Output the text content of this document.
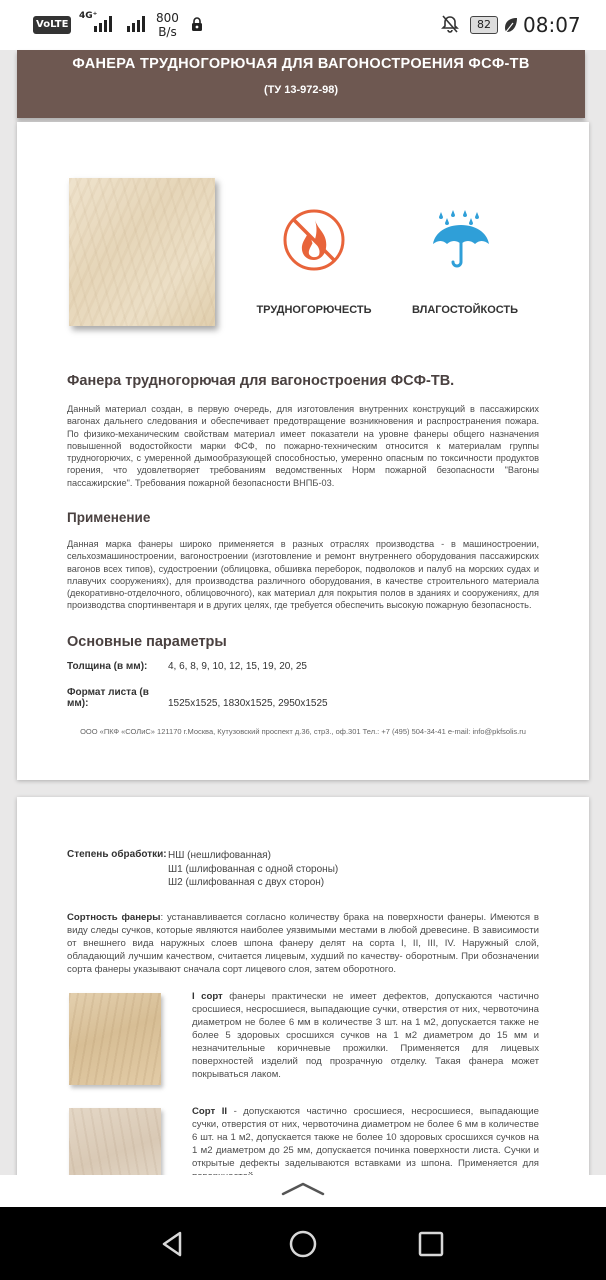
VoLTE
4G⁺	800
B/s
82	08:07
ФАНЕРА ТРУДНОГОРЮЧАЯ ДЛЯ ВАГОНОСТРОЕНИЯ ФСФ-ТВ
(ТУ 13-972-98)
ТРУДНОГОРЮЧЕСТЬ	ВЛАГОСТОЙКОСТЬ
Фанера трудногорючая для вагоностроения ФСФ-ТВ.

Данный материал создан, в первую очередь, для изготовления внутренних конструкций в пассажирских вагонах дальнего следования и обеспечивает предотвращение возникновения и распространения пожара. По физико-механическим свойствам материал имеет показатели на уровне фанеры общего назначения повышенной водостойкости марки ФСФ, по пожарно-техническим относится к материалам группы трудногорючих, с умеренной дымообразующей способностью, умеренно опасным по токсичности продуктов горения, что удовлетворяет требованиям ведомственных Норм пожарной безопасности "Вагоны пассажирские". Требования пожарной безопасности ВНПБ-03.

Применение

Данная марка фанеры широко применяется в разных отраслях производства - в машиностроении, сельхозмашиностроении, вагоностроении (изготовление и ремонт внутреннего оборудования пассажирских вагонов всех типов), судостроении (облицовка, обшивка переборок, подволоков и палуб на морских судах и плавучих сооружениях), для производства различного оборудования, в качестве строительного материала (декоративно-отделочного, облицовочного), как материал для покрытия полов в зданиях и сооружениях, для производства спортинвентаря и в других целях, где требуется обеспечить высокую пожарную безопасность.

Основные параметры
Толщина (в мм): 4, 6, 8, 9, 10, 12, 15, 19, 20, 25
Формат листа (в мм):	1525x1525, 1830x1525, 2950x1525
ООО «ПКФ «СОЛиС» 121170 г.Москва, Кутузовский проспект д.36, стр3., оф.301 Тел.: +7 (495) 504-34-41 e-mail: info@pkfsolis.ru
Степень обработки: НШ (нешлифованная)
Ш1 (шлифованная с одной стороны)
Ш2 (шлифованная с двух сторон)

Сортность фанеры: устанавливается согласно количеству брака на поверхности фанеры. Имеются в виду следы сучков, которые являются наиболее уязвимыми местами в любой древесине. В зависимости от внешнего вида наружных слоев шпона фанеру делят на сорта I, II, III, IV. Наружный слой, обладающий лучшим качеством, считается лицевым, худший по качеству- оборотным. При обозначении сорта фанеры указывают сначала сорт лицевого слоя, затем оборотного.

I сорт фанеры практически не имеет дефектов, допускаются частично сросшиеся, несросшиеся, выпадающие сучки, отверстия от них, червоточина диаметром не более 6 мм в количестве 3 шт. на 1 м2, допускается также не более 5 здоровых сросшихся сучков на 1 м2 диаметром до 15 мм и незначительные коричневые прожилки. Применяется для лицевых поверхностей изделий под прозрачную отделку. Такая фанера может покрываться лаком.

Сорт II - допускаются частично сросшиеся, несросшиеся, выпадающие сучки, отверстия от них, червоточина диаметром не более 6 мм в количестве 6 шт. на 1 м2, допускается также не более 10 здоровых сросшихся сучков на 1 м2 диаметром до 25 мм, допускается починка поверхности листа. Сучки и открытые дефекты заделываются вставками из шпона. Применяется для
